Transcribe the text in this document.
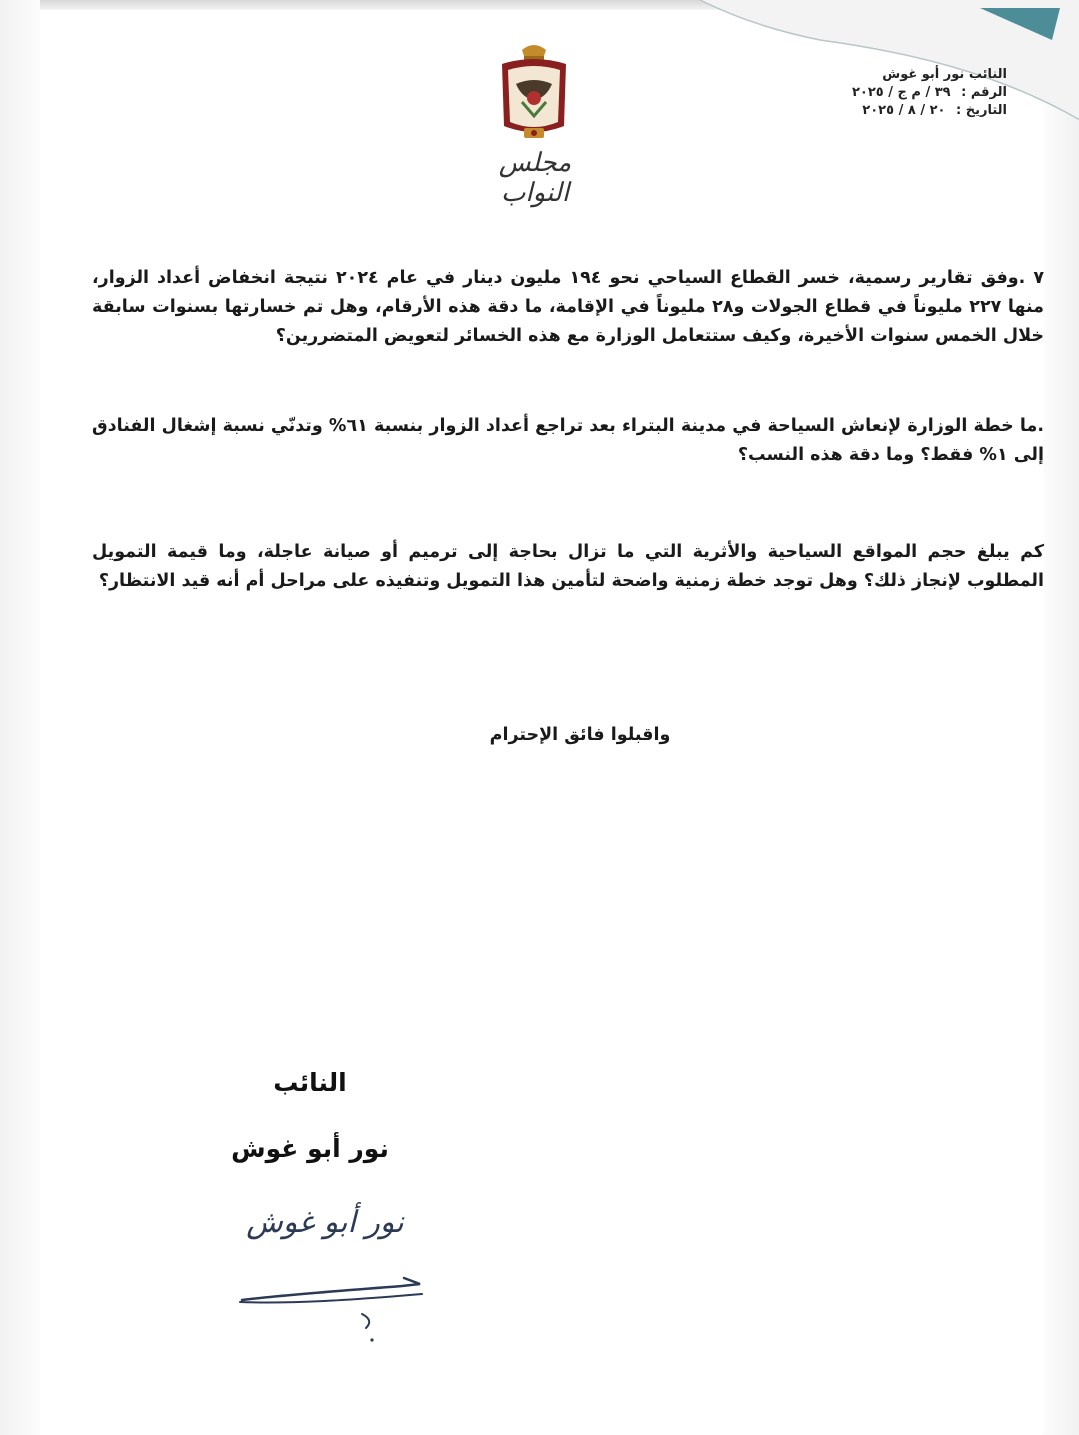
مجلس النواب
النائب نور أبو غوش
الرقم : ٣٩ / م ج / ٢٠٢٥
التاريخ : ٢٠ / ٨ / ٢٠٢٥
٧ .وفق تقارير رسمية، خسر القطاع السياحي نحو ١٩٤ مليون دينار في عام ٢٠٢٤ نتيجة انخفاض أعداد الزوار، منها ٢٢٧ مليوناً في قطاع الجولات و٢٨ مليوناً في الإقامة، ما دقة هذه الأرقام، وهل تم خسارتها بسنوات سابقة خلال الخمس سنوات الأخيرة، وكيف ستتعامل الوزارة مع هذه الخسائر لتعويض المتضررين؟
.ما خطة الوزارة لإنعاش السياحة في مدينة البتراء بعد تراجع أعداد الزوار بنسبة ٦١% وتدنّي نسبة إشغال الفنادق إلى ١% فقط؟ وما دقة هذه النسب؟
كم يبلغ حجم المواقع السياحية والأثرية التي ما تزال بحاجة إلى ترميم أو صيانة عاجلة، وما قيمة التمويل المطلوب لإنجاز ذلك؟ وهل توجد خطة زمنية واضحة لتأمين هذا التمويل وتنفيذه على مراحل أم أنه قيد الانتظار؟
واقبلوا فائق الإحترام
النائب
نور أبو غوش
نور أبو غوش
